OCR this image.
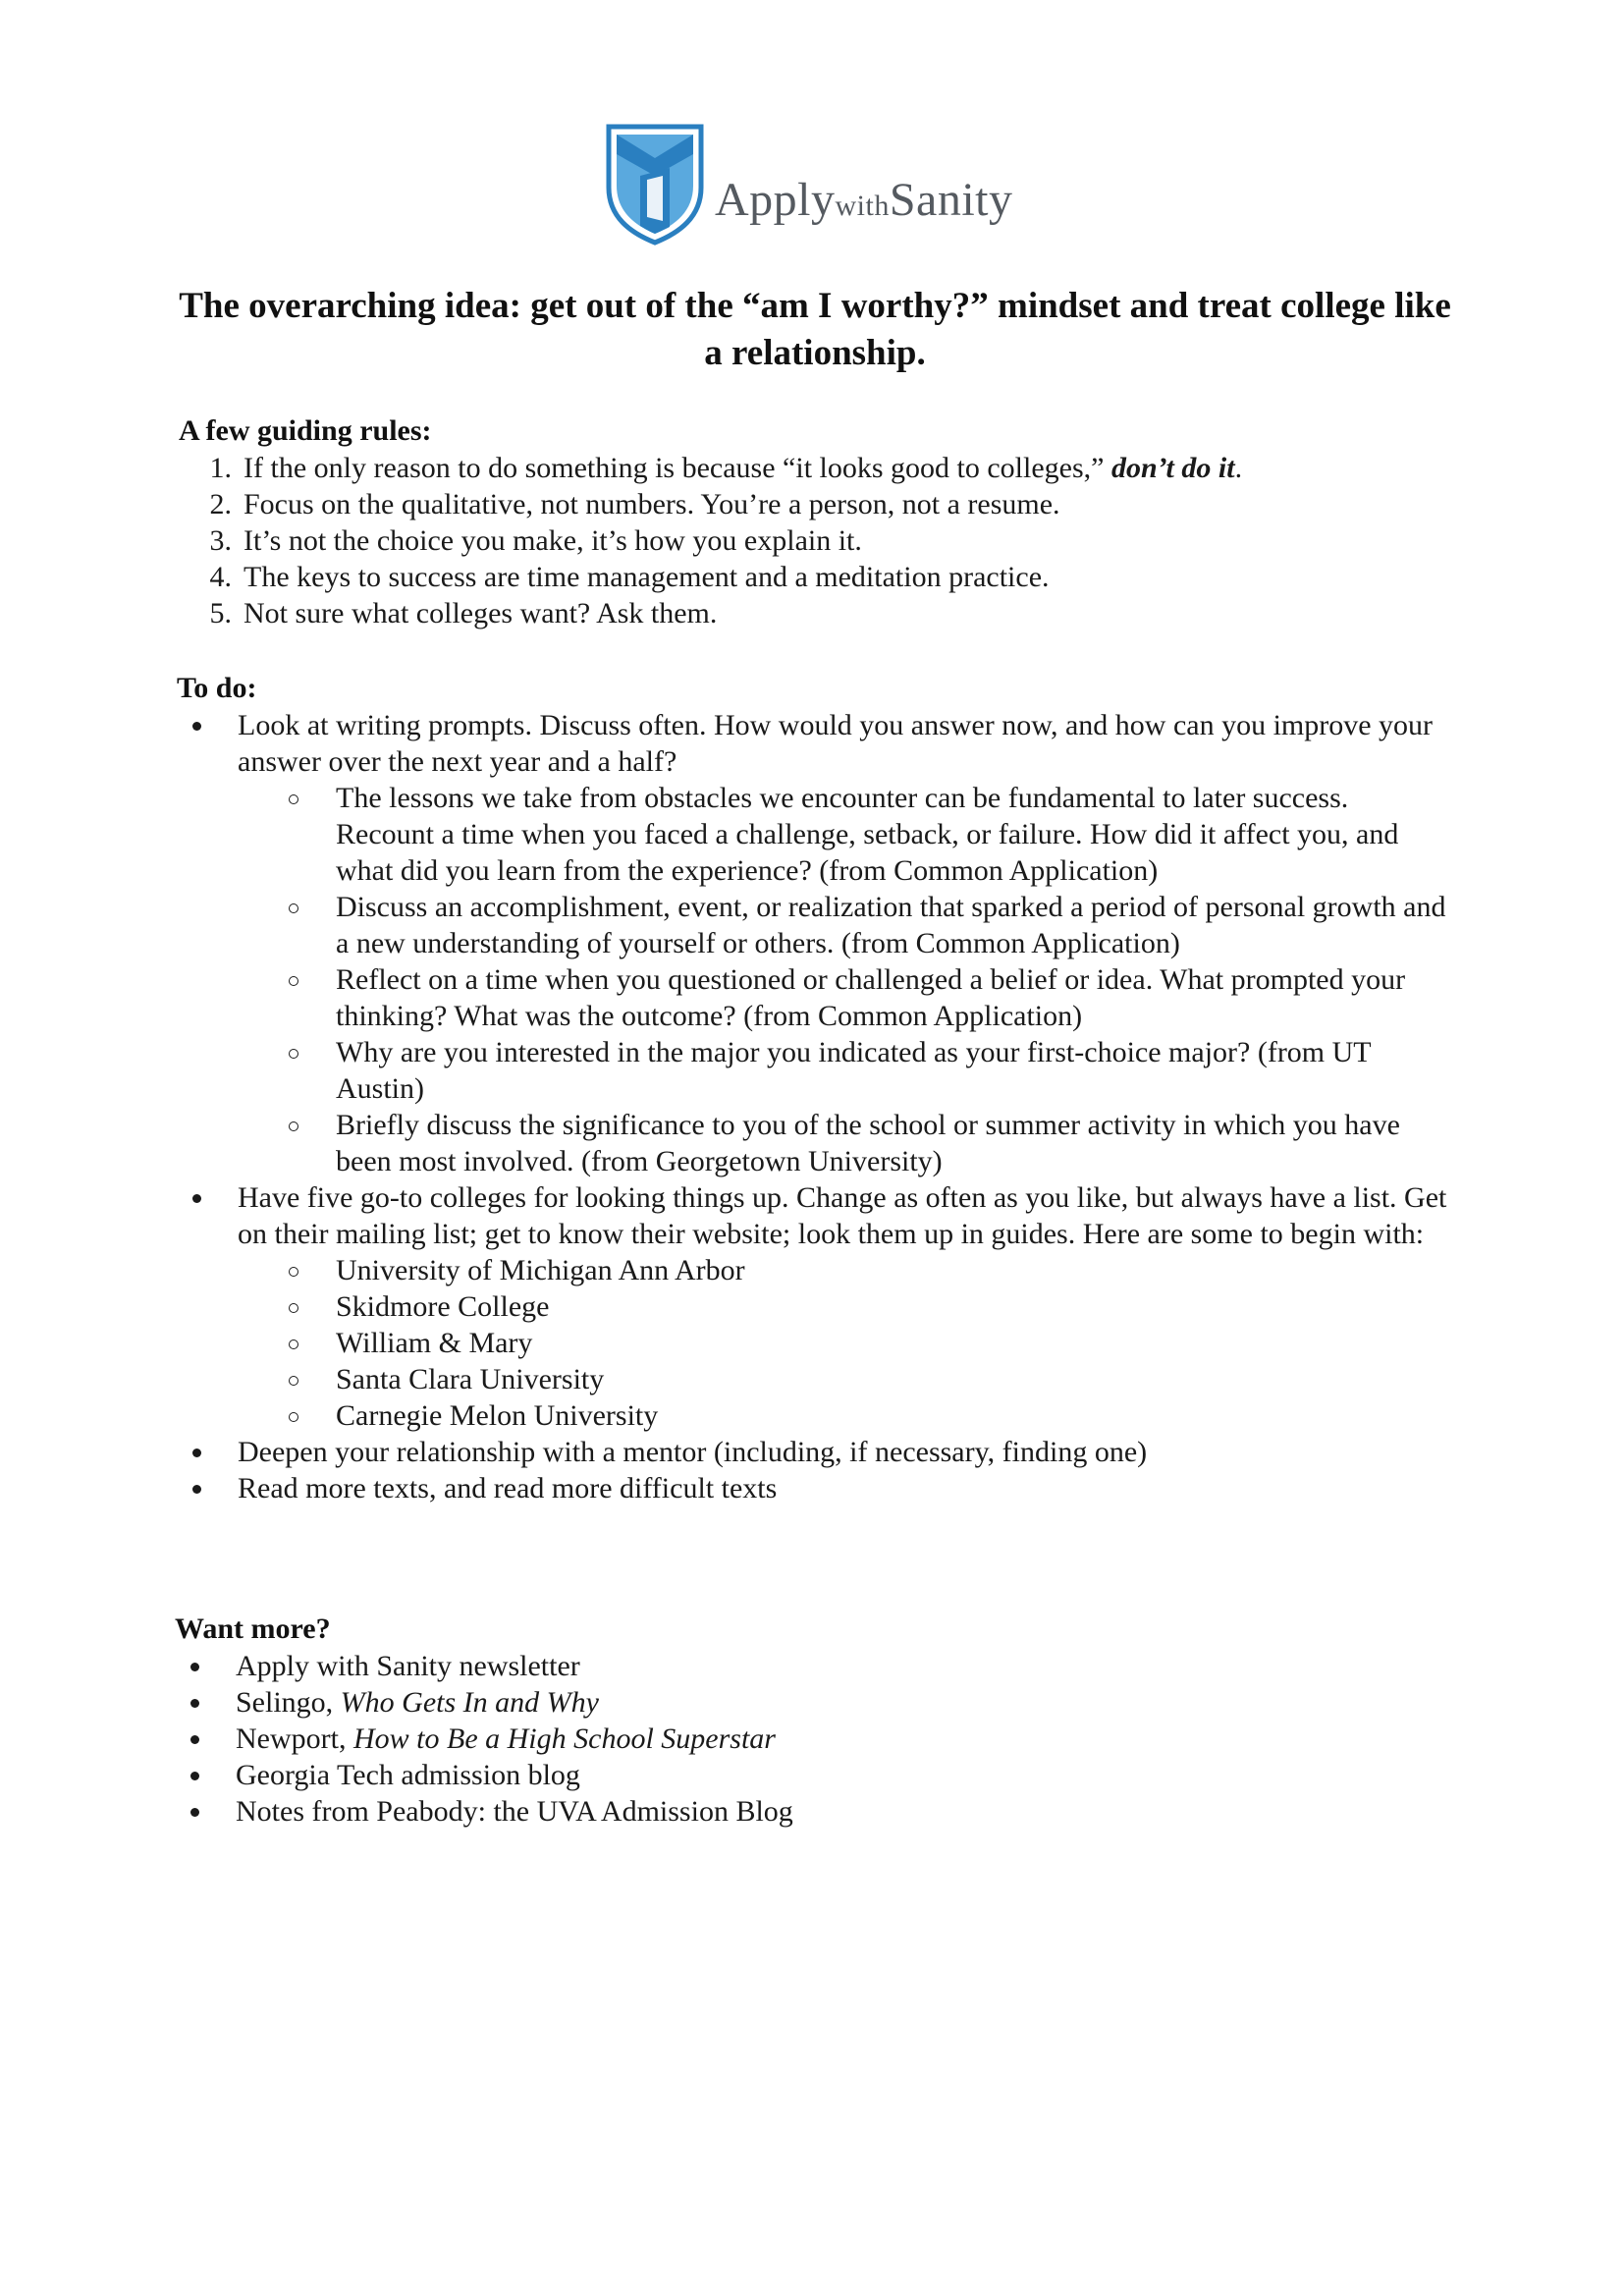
ApplywithSanity
The overarching idea: get out of the “am I worthy?” mindset and treat college like a relationship.
A few guiding rules:
1. If the only reason to do something is because “it looks good to colleges,” don’t do it.
2. Focus on the qualitative, not numbers. You’re a person, not a resume.
3. It’s not the choice you make, it’s how you explain it.
4. The keys to success are time management and a meditation practice.
5. Not sure what colleges want? Ask them.
To do:
Look at writing prompts. Discuss often. How would you answer now, and how can you improve your answer over the next year and a half?
The lessons we take from obstacles we encounter can be fundamental to later success. Recount a time when you faced a challenge, setback, or failure. How did it affect you, and what did you learn from the experience? (from Common Application)
Discuss an accomplishment, event, or realization that sparked a period of personal growth and a new understanding of yourself or others. (from Common Application)
Reflect on a time when you questioned or challenged a belief or idea. What prompted your thinking? What was the outcome? (from Common Application)
Why are you interested in the major you indicated as your first-choice major? (from UT Austin)
Briefly discuss the significance to you of the school or summer activity in which you have been most involved. (from Georgetown University)
Have five go-to colleges for looking things up. Change as often as you like, but always have a list. Get on their mailing list; get to know their website; look them up in guides. Here are some to begin with:
University of Michigan Ann Arbor
Skidmore College
William & Mary
Santa Clara University
Carnegie Melon University
Deepen your relationship with a mentor (including, if necessary, finding one)
Read more texts, and read more difficult texts
Want more?
Apply with Sanity newsletter
Selingo, Who Gets In and Why
Newport, How to Be a High School Superstar
Georgia Tech admission blog
Notes from Peabody: the UVA Admission Blog
